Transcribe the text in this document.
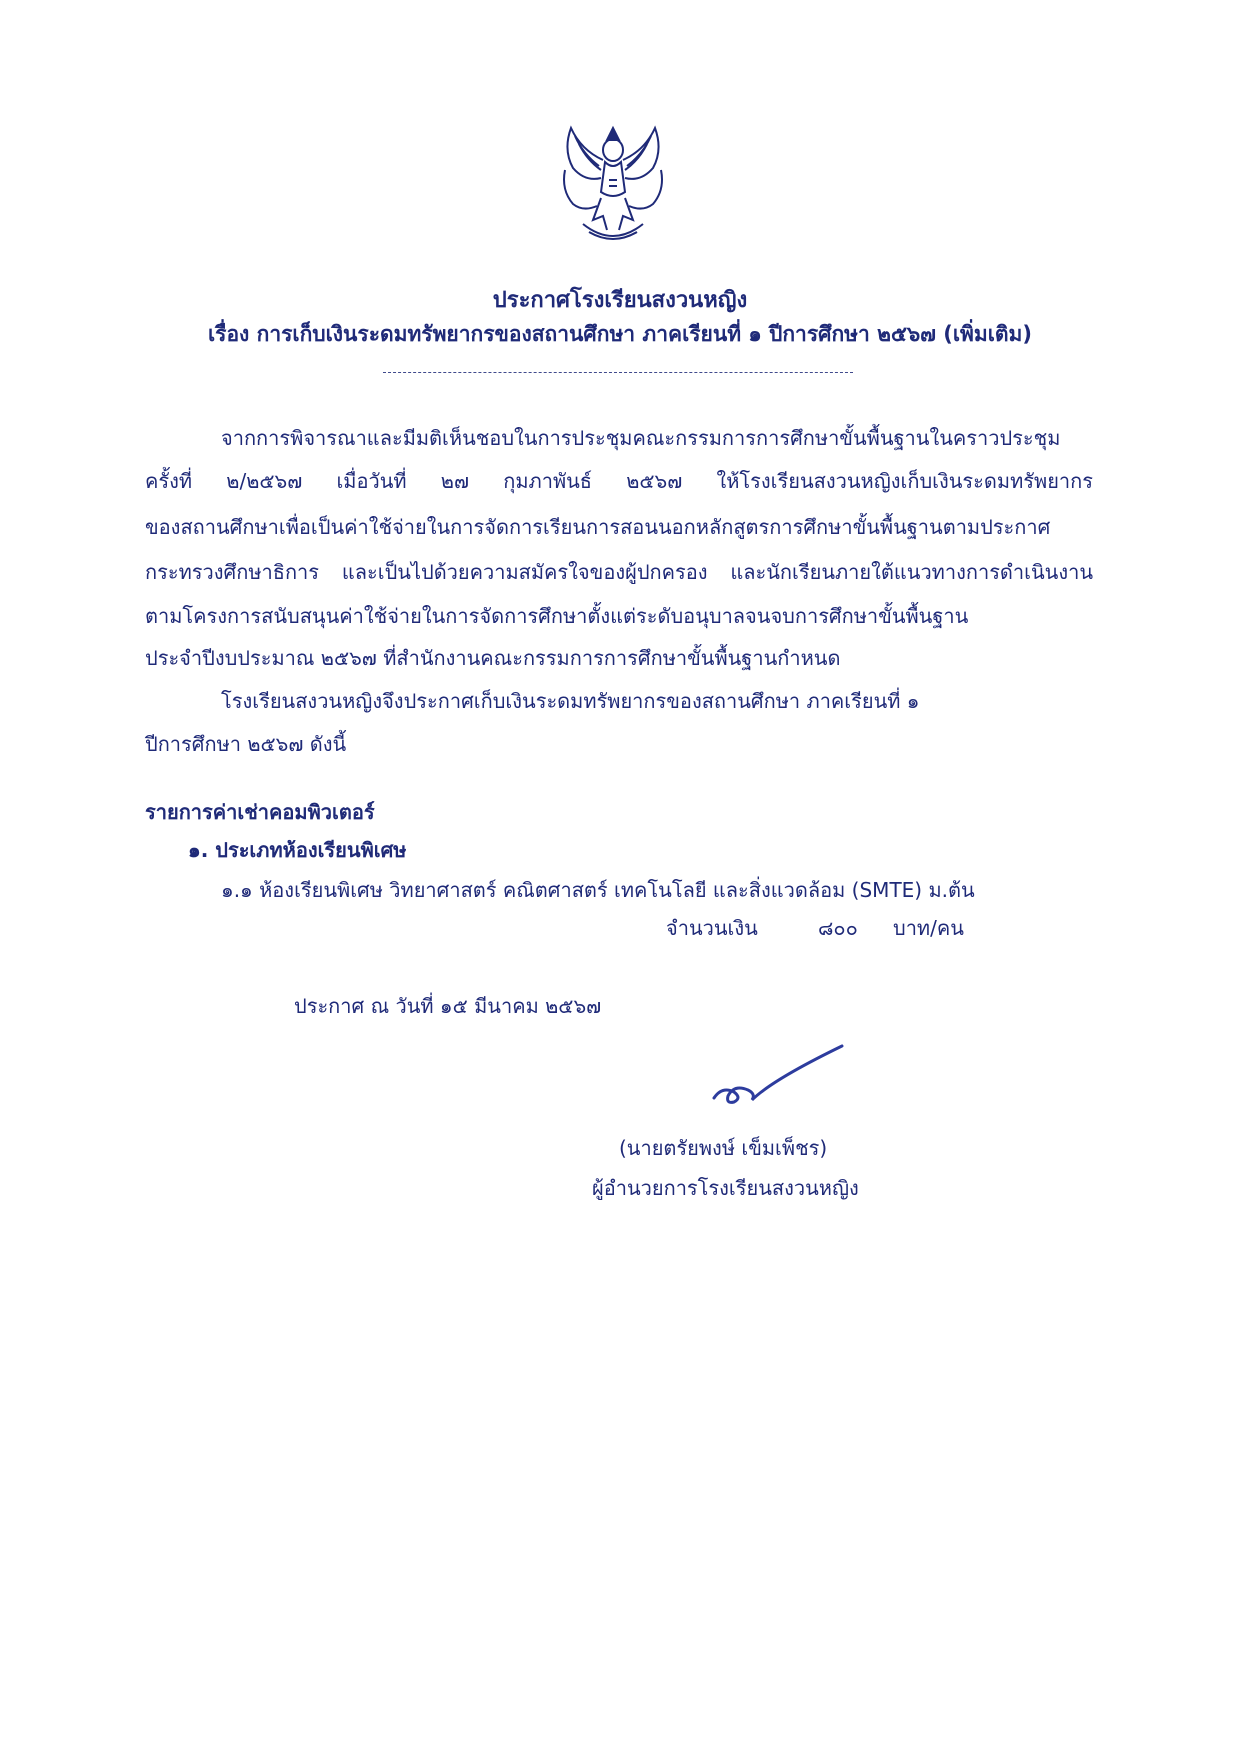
ประกาศโรงเรียนสงวนหญิง
เรื่อง การเก็บเงินระดมทรัพยากรของสถานศึกษา ภาคเรียนที่ ๑ ปีการศึกษา ๒๕๖๗ (เพิ่มเติม)
จากการพิจารณาและมีมติเห็นชอบในการประชุมคณะกรรมการการศึกษาขั้นพื้นฐานในคราวประชุม
ครั้งที่ ๒/๒๕๖๗ เมื่อวันที่ ๒๗ กุมภาพันธ์ ๒๕๖๗ ให้โรงเรียนสงวนหญิงเก็บเงินระดมทรัพยากร
ของสถานศึกษาเพื่อเป็นค่าใช้จ่ายในการจัดการเรียนการสอนนอกหลักสูตรการศึกษาขั้นพื้นฐานตามประกาศ
กระทรวงศึกษาธิการ และเป็นไปด้วยความสมัครใจของผู้ปกครอง และนักเรียนภายใต้แนวทางการดำเนินงาน
ตามโครงการสนับสนุนค่าใช้จ่ายในการจัดการศึกษาตั้งแต่ระดับอนุบาลจนจบการศึกษาขั้นพื้นฐาน
ประจำปีงบประมาณ ๒๕๖๗ ที่สำนักงานคณะกรรมการการศึกษาขั้นพื้นฐานกำหนด
โรงเรียนสงวนหญิงจึงประกาศเก็บเงินระดมทรัพยากรของสถานศึกษา ภาคเรียนที่ ๑
ปีการศึกษา ๒๕๖๗ ดังนี้
รายการค่าเช่าคอมพิวเตอร์
๑. ประเภทห้องเรียนพิเศษ
๑.๑ ห้องเรียนพิเศษ วิทยาศาสตร์ คณิตศาสตร์ เทคโนโลยี และสิ่งแวดล้อม (SMTE) ม.ต้น
จำนวนเงิน	๘๐๐ บาท/คน
ประกาศ ณ วันที่ ๑๕ มีนาคม ๒๕๖๗
(นายตรัยพงษ์ เข็มเพ็ชร)
ผู้อำนวยการโรงเรียนสงวนหญิง
